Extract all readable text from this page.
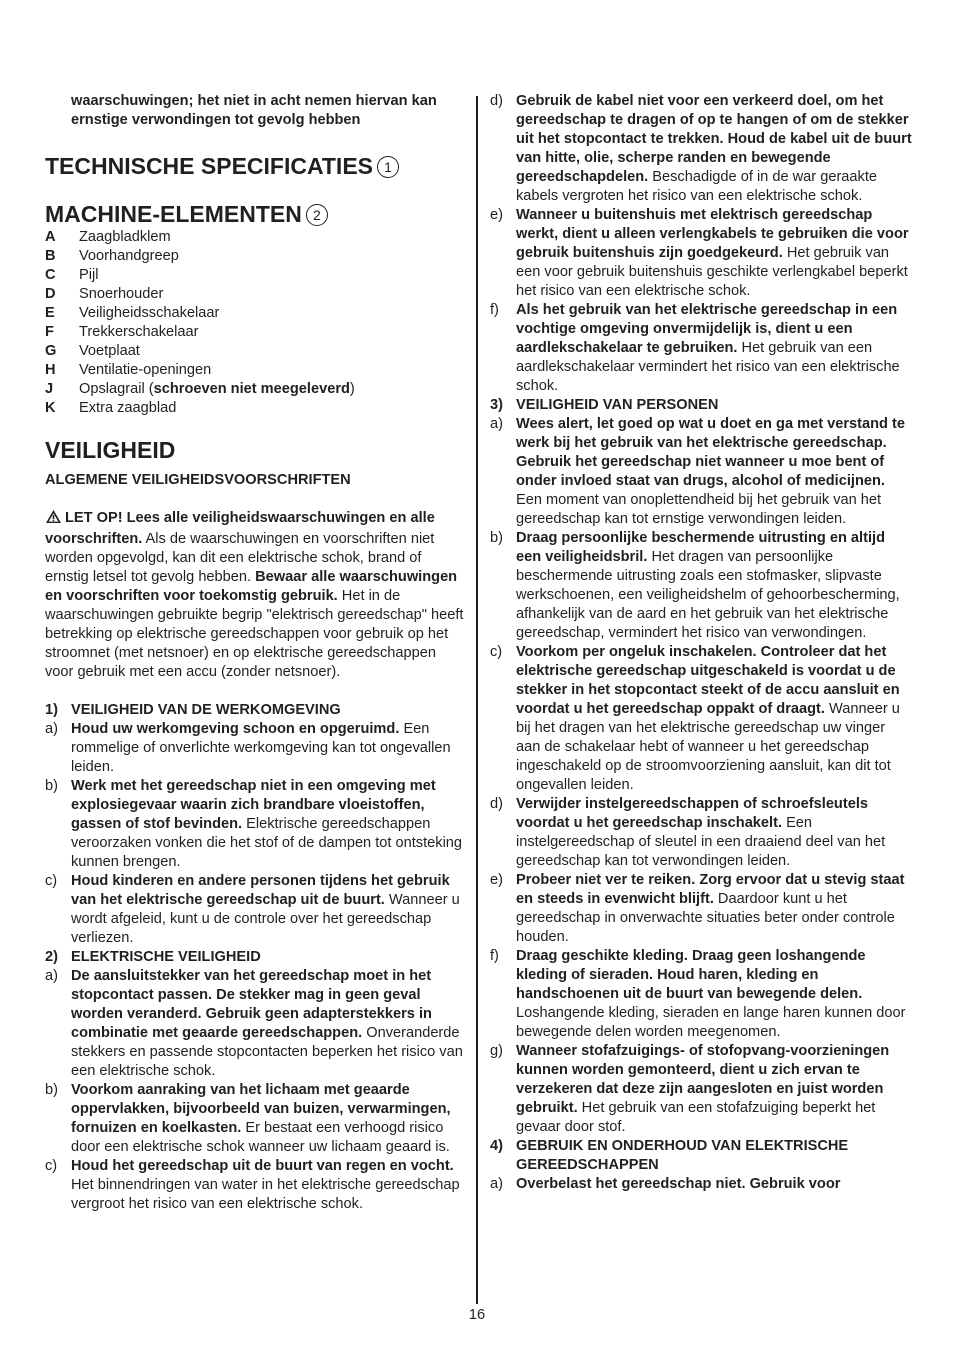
waarschuwingen; het niet in acht nemen hiervan kan ernstige verwondingen tot gevolg hebben

TECHNISCHE SPECIFICATIES 1
MACHINE-ELEMENTEN 2
A	Zaagbladklem
B	Voorhandgreep
C	Pijl
D	Snoerhouder
E	Veiligheidsschakelaar
F	Trekkerschakelaar
G	Voetplaat
H	Ventilatie-openingen
J	Opslagrail (schroeven niet meegeleverd)
K	Extra zaagblad
VEILIGHEID

ALGEMENE VEILIGHEIDSVOORSCHRIFTEN

LET OP! Lees alle veiligheidswaarschuwingen en alle voorschriften. Als de waarschuwingen en voorschriften niet worden opgevolgd, kan dit een elektrische schok, brand of ernstig letsel tot gevolg hebben. Bewaar alle waarschuwingen en voorschriften voor toekomstig gebruik. Het in de waarschuwingen gebruikte begrip "elektrisch gereedschap" heeft betrekking op elektrische gereedschappen voor gebruik op het stroomnet (met netsnoer) en op elektrische gereedschappen voor gebruik met een accu (zonder netsnoer).

1) VEILIGHEID VAN DE WERKOMGEVING
a) Houd uw werkomgeving schoon en opgeruimd. Een rommelige of onverlichte werkomgeving kan tot ongevallen leiden.
b) Werk met het gereedschap niet in een omgeving met explosiegevaar waarin zich brandbare vloeistoffen, gassen of stof bevinden. Elektrische gereedschappen veroorzaken vonken die het stof of de dampen tot ontsteking kunnen brengen.
c) Houd kinderen en andere personen tijdens het gebruik van het elektrische gereedschap uit de buurt. Wanneer u wordt afgeleid, kunt u de controle over het gereedschap verliezen.
2) ELEKTRISCHE VEILIGHEID
a) De aansluitstekker van het gereedschap moet in het stopcontact passen. De stekker mag in geen geval worden veranderd. Gebruik geen adapterstekkers in combinatie met geaarde gereedschappen. Onveranderde stekkers en passende stopcontacten beperken het risico van een elektrische schok.
b) Voorkom aanraking van het lichaam met geaarde oppervlakken, bijvoorbeeld van buizen, verwarmingen, fornuizen en koelkasten. Er bestaat een verhoogd risico door een elektrische schok wanneer uw lichaam geaard is.
c) Houd het gereedschap uit de buurt van regen en vocht. Het binnendringen van water in het elektrische gereedschap vergroot het risico van een elektrische schok.
d) Gebruik de kabel niet voor een verkeerd doel, om het gereedschap te dragen of op te hangen of om de stekker uit het stopcontact te trekken. Houd de kabel uit de buurt van hitte, olie, scherpe randen en bewegende gereedschapdelen. Beschadigde of in de war geraakte kabels vergroten het risico van een elektrische schok.
e) Wanneer u buitenshuis met elektrisch gereedschap werkt, dient u alleen verlengkabels te gebruiken die voor gebruik buitenshuis zijn goedgekeurd. Het gebruik van een voor gebruik buitenshuis geschikte verlengkabel beperkt het risico van een elektrische schok.
f)	Als het gebruik van het elektrische gereedschap in een vochtige omgeving onvermijdelijk is, dient u een aardlekschakelaar te gebruiken. Het gebruik van een aardlekschakelaar vermindert het risico van een elektrische schok.
3) VEILIGHEID VAN PERSONEN
a) Wees alert, let goed op wat u doet en ga met verstand te werk bij het gebruik van het elektrische gereedschap. Gebruik het gereedschap niet wanneer u moe bent of onder invloed staat van drugs, alcohol of medicijnen. Een moment van onoplettendheid bij het gebruik van het gereedschap kan tot ernstige verwondingen leiden.
b) Draag persoonlijke beschermende uitrusting en altijd een veiligheidsbril. Het dragen van persoonlijke beschermende uitrusting zoals een stofmasker, slipvaste werkschoenen, een veiligheidshelm of gehoorbescherming, afhankelijk van de aard en het gebruik van het elektrische gereedschap, vermindert het risico van verwondingen.
c) Voorkom per ongeluk inschakelen. Controleer dat het elektrische gereedschap uitgeschakeld is voordat u de stekker in het stopcontact steekt of de accu aansluit en voordat u het gereedschap oppakt of draagt. Wanneer u bij het dragen van het elektrische gereedschap uw vinger aan de schakelaar hebt of wanneer u het gereedschap ingeschakeld op de stroomvoorziening aansluit, kan dit tot ongevallen leiden.
d) Verwijder instelgereedschappen of schroefsleutels voordat u het gereedschap inschakelt. Een instelgereedschap of sleutel in een draaiend deel van het gereedschap kan tot verwondingen leiden.
e) Probeer niet ver te reiken. Zorg ervoor dat u stevig staat en steeds in evenwicht blijft. Daardoor kunt u het gereedschap in onverwachte situaties beter onder controle houden.
f)	Draag geschikte kleding. Draag geen loshangende kleding of sieraden. Houd haren, kleding en handschoenen uit de buurt van bewegende delen. Loshangende kleding, sieraden en lange haren kunnen door bewegende delen worden meegenomen.
g) Wanneer stofafzuigings- of stofopvang-voorzieningen kunnen worden gemonteerd, dient u zich ervan te verzekeren dat deze zijn aangesloten en juist worden gebruikt. Het gebruik van een stofafzuiging beperkt het gevaar door stof.
4) GEBRUIK EN ONDERHOUD VAN ELEKTRISCHE GEREEDSCHAPPEN
a) Overbelast het gereedschap niet. Gebruik voor
16
